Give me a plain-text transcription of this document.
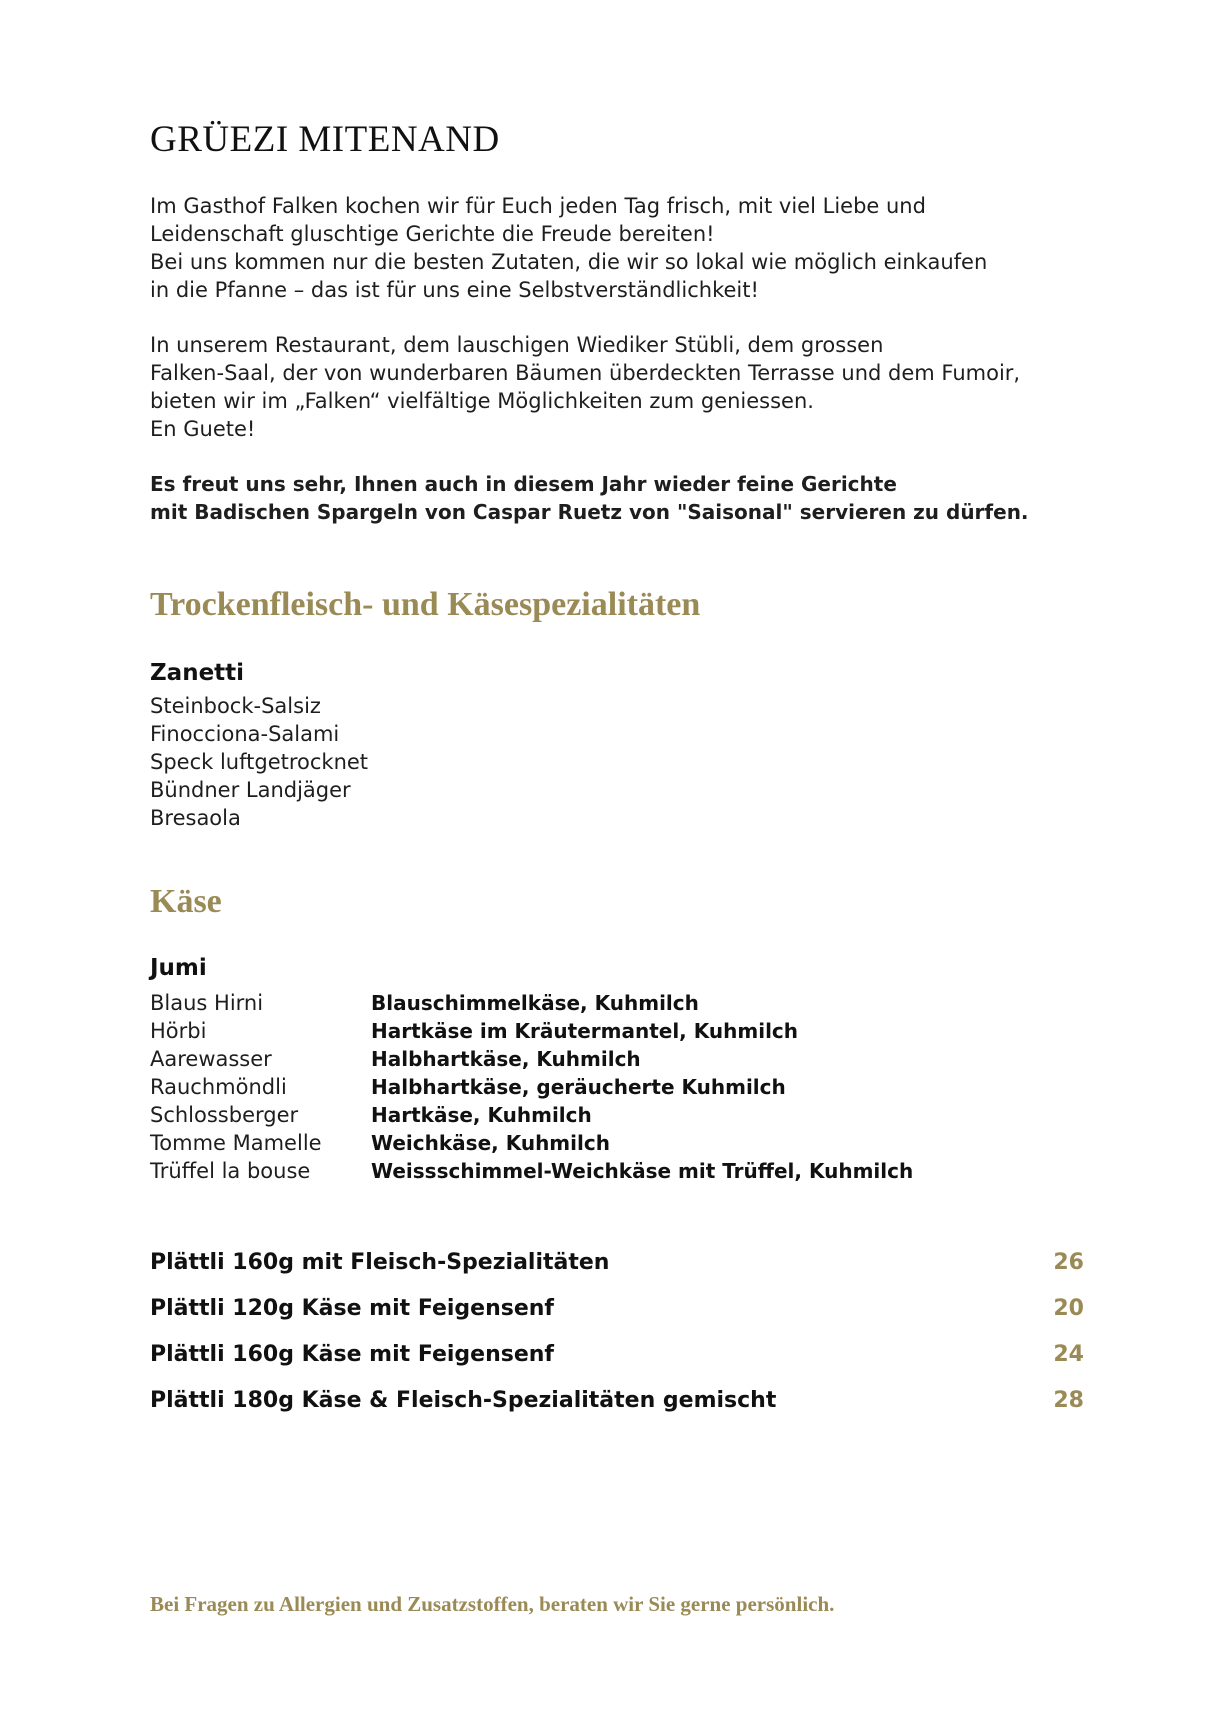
GRÜEZI MITENAND
Im Gasthof Falken kochen wir für Euch jeden Tag frisch, mit viel Liebe und
Leidenschaft gluschtige Gerichte die Freude bereiten!
Bei uns kommen nur die besten Zutaten, die wir so lokal wie möglich einkaufen
in die Pfanne – das ist für uns eine Selbstverständlichkeit!
In unserem Restaurant, dem lauschigen Wiediker Stübli, dem grossen
Falken-Saal, der von wunderbaren Bäumen überdeckten Terrasse und dem Fumoir,
bieten wir im „Falken“ vielfältige Möglichkeiten zum geniessen.
En Guete!
Es freut uns sehr, Ihnen auch in diesem Jahr wieder feine Gerichte
mit Badischen Spargeln von Caspar Ruetz von "Saisonal" servieren zu dürfen.
Trockenfleisch- und Käsespezialitäten
Zanetti
Steinbock-Salsiz
Finocciona-Salami
Speck luftgetrocknet
Bündner Landjäger
Bresaola
Käse
Jumi
Blaus Hirni	Blauschimmelkäse, Kuhmilch
Hörbi	Hartkäse im Kräutermantel, Kuhmilch
Aarewasser	Halbhartkäse, Kuhmilch
Rauchmöndli	Halbhartkäse, geräucherte Kuhmilch
Schlossberger	Hartkäse, Kuhmilch
Tomme Mamelle	Weichkäse, Kuhmilch
Trüffel la bouse	Weissschimmel-Weichkäse mit Trüffel, Kuhmilch
Plättli 160g mit Fleisch-Spezialitäten	26
Plättli 120g Käse mit Feigensenf	20
Plättli 160g Käse mit Feigensenf	24
Plättli 180g Käse & Fleisch-Spezialitäten gemischt	28
Bei Fragen zu Allergien und Zusatzstoffen, beraten wir Sie gerne persönlich.
